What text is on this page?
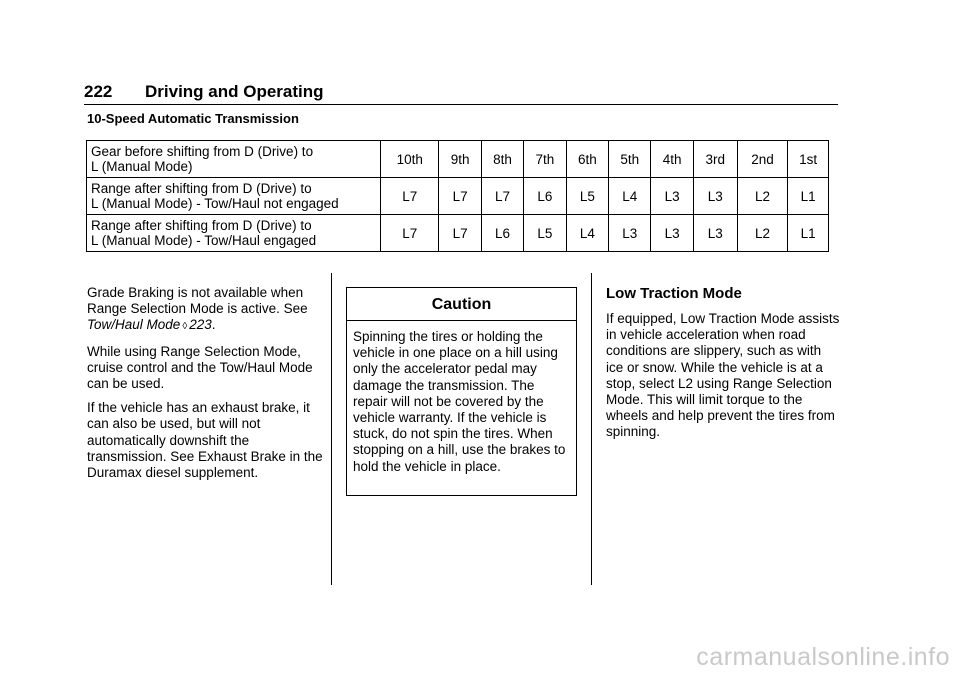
222 Driving and Operating
10-Speed Automatic Transmission
Gear before shifting from D (Drive) to
L (Manual Mode)	10th	9th	8th	7th	6th	5th	4th	3rd	2nd	1st

Range after shifting from D (Drive) to
L (Manual Mode) - Tow/Haul not engaged	L7	L7	L7	L6	L5	L4	L3	L3	L2	L1

Range after shifting from D (Drive) to
L (Manual Mode) - Tow/Haul engaged	L7	L7	L6	L5	L4	L3	L3	L3	L2	L1

Grade Braking is not available when Range Selection Mode is active. See Tow/Haul Mode ◊ 223.

While using Range Selection Mode, cruise control and the Tow/Haul Mode can be used.

If the vehicle has an exhaust brake, it can also be used, but will not automatically downshift the transmission. See Exhaust Brake in the Duramax diesel supplement.

Caution
Spinning the tires or holding the vehicle in one place on a hill using only the accelerator pedal may damage the transmission. The repair will not be covered by the vehicle warranty. If the vehicle is stuck, do not spin the tires. When stopping on a hill, use the brakes to hold the vehicle in place.
Low Traction Mode

If equipped, Low Traction Mode assists in vehicle acceleration when road conditions are slippery, such as with ice or snow. While the vehicle is at a stop, select L2 using Range Selection Mode. This will limit torque to the wheels and help prevent the tires from spinning.

carmanualsonline.info
